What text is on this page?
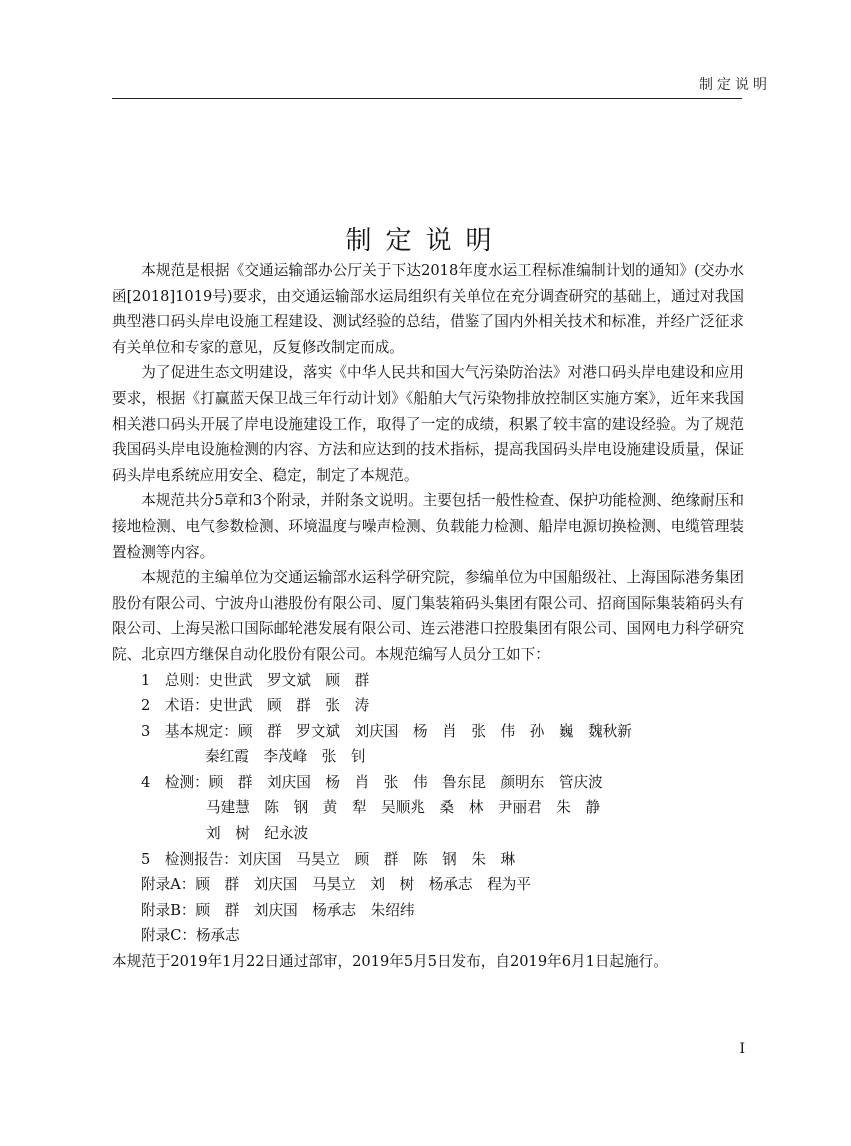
制定说明
制定说明

本规范是根据《交通运输部办公厅关于下达2018年度水运工程标准编制计划的通知》(交办水函[2018]1019号)要求，由交通运输部水运局组织有关单位在充分调查研究的基础上，通过对我国典型港口码头岸电设施工程建设、测试经验的总结，借鉴了国内外相关技术和标准，并经广泛征求有关单位和专家的意见，反复修改制定而成。

为了促进生态文明建设，落实《中华人民共和国大气污染防治法》对港口码头岸电建设和应用要求，根据《打赢蓝天保卫战三年行动计划》《船舶大气污染物排放控制区实施方案》，近年来我国相关港口码头开展了岸电设施建设工作，取得了一定的成绩，积累了较丰富的建设经验。为了规范我国码头岸电设施检测的内容、方法和应达到的技术指标，提高我国码头岸电设施建设质量，保证码头岸电系统应用安全、稳定，制定了本规范。

本规范共分5章和3个附录，并附条文说明。主要包括一般性检查、保护功能检测、绝缘耐压和接地检测、电气参数检测、环境温度与噪声检测、负载能力检测、船岸电源切换检测、电缆管理装置检测等内容。

本规范的主编单位为交通运输部水运科学研究院，参编单位为中国船级社、上海国际港务集团股份有限公司、宁波舟山港股份有限公司、厦门集装箱码头集团有限公司、招商国际集装箱码头有限公司、上海吴淞口国际邮轮港发展有限公司、连云港港口控股集团有限公司、国网电力科学研究院、北京四方继保自动化股份有限公司。本规范编写人员分工如下：

1　总则：史世武　罗文斌　顾　群
2　术语：史世武　顾　群　张　涛
3　基本规定：顾　群　罗文斌　刘庆国　杨　肖　张　伟　孙　巍　魏秋新
秦红霞　李茂峰　张　钊
4　检测：顾　群　刘庆国　杨　肖　张　伟　鲁东昆　颜明东　管庆波
马建慧　陈　钢　黄　犁　吴顺兆　桑　林　尹丽君　朱　静
刘　树　纪永波
5　检测报告：刘庆国　马昊立　顾　群　陈　钢　朱　琳
附录A：顾　群　刘庆国　马昊立　刘　树　杨承志　程为平
附录B：顾　群　刘庆国　杨承志　朱绍纬
附录C：杨承志

本规范于2019年1月22日通过部审，2019年5月5日发布，自2019年6月1日起施行。

I
